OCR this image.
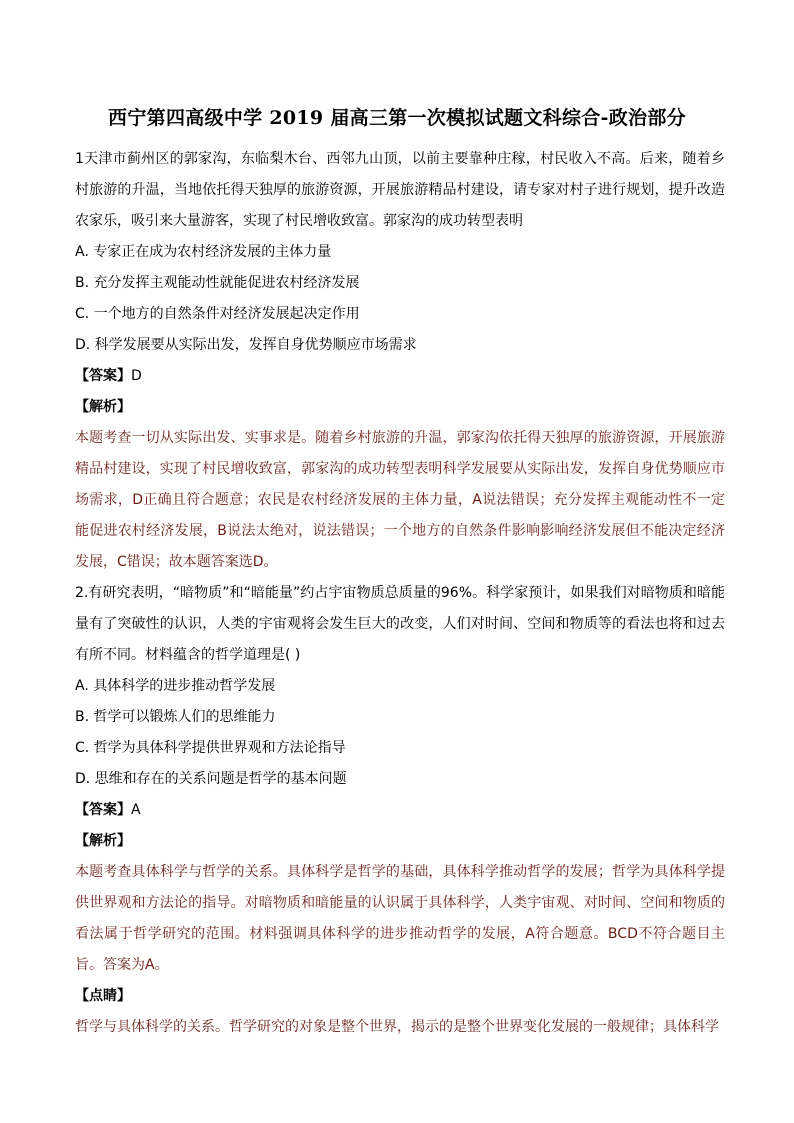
西宁第四高级中学 2019 届高三第一次模拟试题文科综合-政治部分
1天津市蓟州区的郭家沟，东临梨木台、西邻九山顶，以前主要靠种庄稼，村民收入不高。后来，随着乡村旅游的升温，当地依托得天独厚的旅游资源，开展旅游精品村建设，请专家对村子进行规划，提升改造农家乐，吸引来大量游客，实现了村民增收致富。郭家沟的成功转型表明
A. 专家正在成为农村经济发展的主体力量
B. 充分发挥主观能动性就能促进农村经济发展
C. 一个地方的自然条件对经济发展起决定作用
D. 科学发展要从实际出发，发挥自身优势顺应市场需求
【答案】D
【解析】
本题考查一切从实际出发、实事求是。随着乡村旅游的升温，郭家沟依托得天独厚的旅游资源，开展旅游精品村建设，实现了村民增收致富，郭家沟的成功转型表明科学发展要从实际出发，发挥自身优势顺应市场需求，D正确且符合题意；农民是农村经济发展的主体力量，A说法错误；充分发挥主观能动性不一定能促进农村经济发展，B说法太绝对，说法错误；一个地方的自然条件影响影响经济发展但不能决定经济发展，C错误；故本题答案选D。
2.有研究表明，“暗物质”和“暗能量”约占宇宙物质总质量的96%。科学家预计，如果我们对暗物质和暗能量有了突破性的认识，人类的宇宙观将会发生巨大的改变，人们对时间、空间和物质等的看法也将和过去有所不同。材料蕴含的哲学道理是( )
A. 具体科学的进步推动哲学发展
B. 哲学可以锻炼人们的思维能力
C. 哲学为具体科学提供世界观和方法论指导
D. 思维和存在的关系问题是哲学的基本问题
【答案】A
【解析】
本题考查具体科学与哲学的关系。具体科学是哲学的基础，具体科学推动哲学的发展；哲学为具体科学提供世界观和方法论的指导。对暗物质和暗能量的认识属于具体科学，人类宇宙观、对时间、空间和物质的看法属于哲学研究的范围。材料强调具体科学的进步推动哲学的发展，A符合题意。BCD不符合题目主旨。答案为A。
【点睛】
哲学与具体科学的关系。哲学研究的对象是整个世界，揭示的是整个世界变化发展的一般规律；具体科学
